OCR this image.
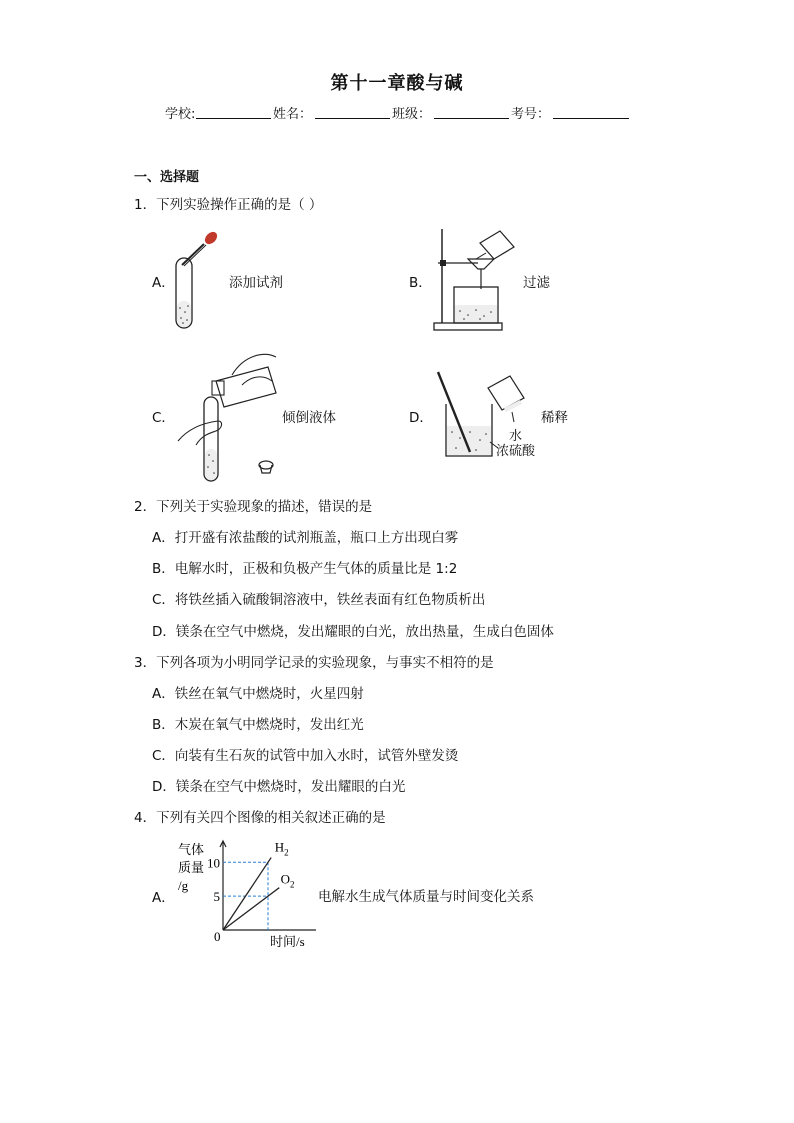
第十一章酸与碱
学校:	姓名：	班级：	考号：
一、选择题
1．下列实验操作正确的是（ ）
A．	添加试剂	B．	过滤
C．	倾倒液体	D．	稀释
水
浓硫酸
2．下列关于实验现象的描述，错误的是
A．打开盛有浓盐酸的试剂瓶盖，瓶口上方出现白雾
B．电解水时，正极和负极产生气体的质量比是 1:2
C．将铁丝插入硫酸铜溶液中，铁丝表面有红色物质析出
D．镁条在空气中燃烧，发出耀眼的白光，放出热量，生成白色固体
3．下列各项为小明同学记录的实验现象，与事实不相符的是
A．铁丝在氧气中燃烧时，火星四射
B．木炭在氧气中燃烧时，发出红光
C．向装有生石灰的试管中加入水时，试管外壁发烫
D．镁条在空气中燃烧时，发出耀眼的白光
4．下列有关四个图像的相关叙述正确的是
A．	电解水生成气体质量与时间变化关系
气体
质量
/g
0	时间/s
10
5
$H_2$
$O_2$
